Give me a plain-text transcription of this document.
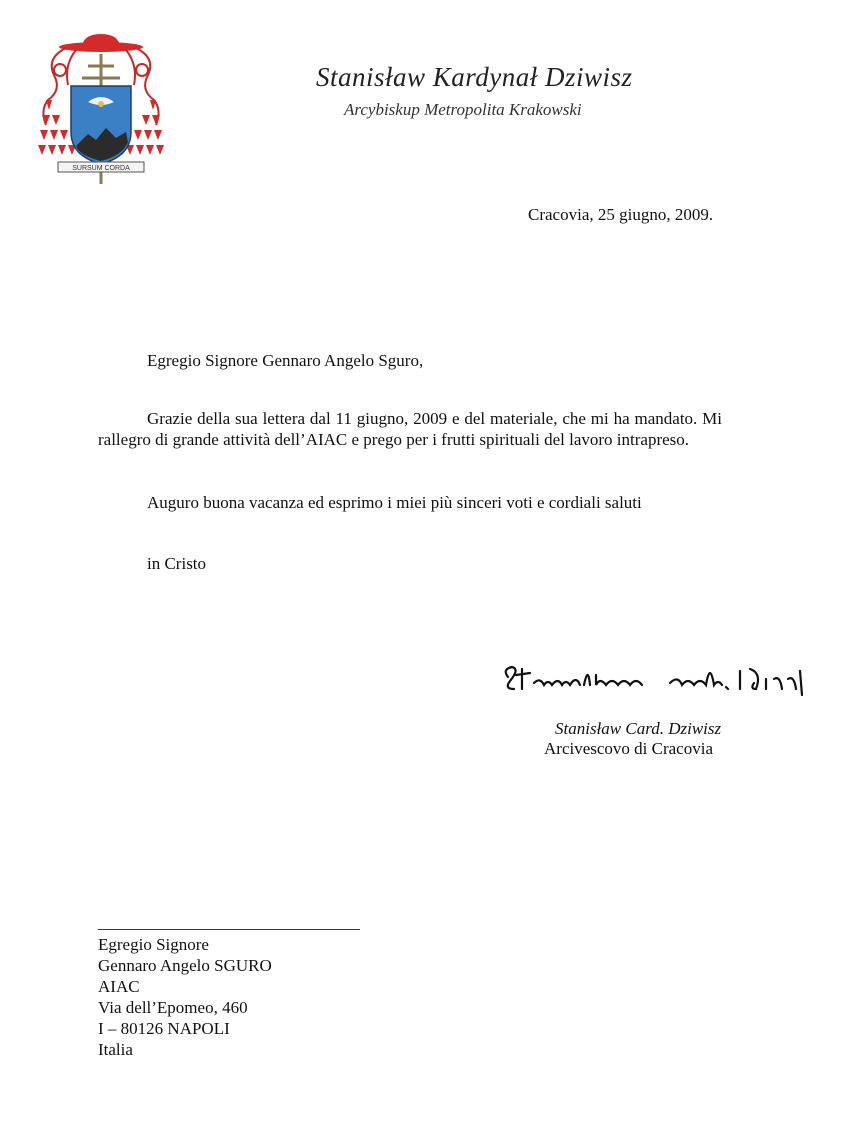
SURSUM CORDA
Stanisław Kardynał Dziwisz
Arcybiskup Metropolita Krakowski
Cracovia, 25 giugno, 2009.
Egregio Signore Gennaro Angelo Sguro,
Grazie della sua lettera dal 11 giugno, 2009 e del materiale, che mi ha mandato. Mi rallegro di grande attività dell’AIAC e prego per i frutti spirituali del lavoro intrapreso.
Auguro buona vacanza ed esprimo i miei più sinceri voti e cordiali saluti
in Cristo
Stanisław Card. Dziwisz
Arcivescovo di Cracovia
Egregio Signore
Gennaro Angelo SGURO
AIAC
Via dell’Epomeo, 460
I – 80126 NAPOLI
Italia
